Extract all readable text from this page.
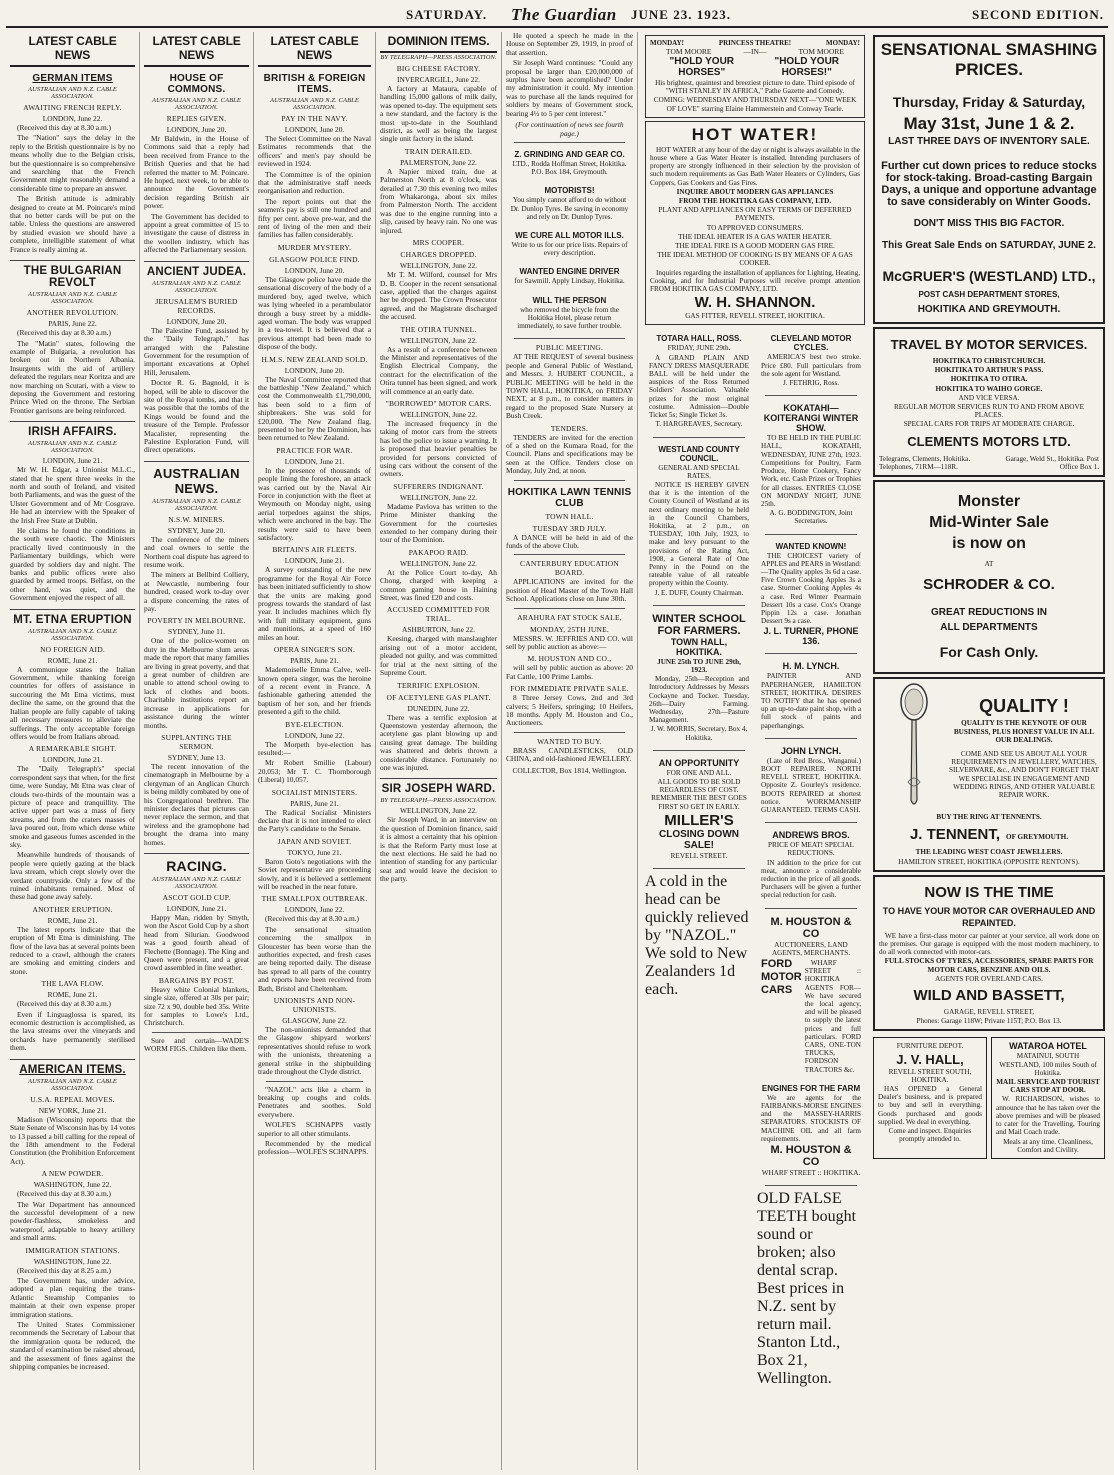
SATURDAY. The Guardian JUNE 23. 1923.	SECOND EDITION.
LATEST CABLE NEWS
GERMAN ITEMS
AUSTRALIAN AND N.Z. CABLE ASSOCIATION.
AWAITING FRENCH REPLY.
LONDON, June 22.

(Received this day at 8.30 a.m.)

The "Nation" says the delay in the reply to the British questionnaire is by no means wholly due to the Belgian crisis, but the questionnaire is so comprehensive and searching that the French Government might reasonably demand a considerable time to prepare an answer.

The British attitude is admirably designed to create at M. Poincare's mind that no better cards will be put on the table. Unless the questions are answered by studied evasion we should have a complete, intelligible statement of what France is really aiming at.

THE BULGARIAN REVOLT
AUSTRALIAN AND N.Z. CABLE ASSOCIATION.
ANOTHER REVOLUTION.
PARIS, June 22.

(Received this day at 8.30 a.m.)

The "Matin" states, following the example of Bulgaria, a revolution has broken out in Northern Albania. Insurgents with the aid of artillery defeated the regulars near Koritza and are now marching on Scutari, with a view to deposing the Government and restoring Prince Wied on the throne. The Serbian Frontier garrisons are being reinforced.

IRISH AFFAIRS.
AUSTRALIAN AND N.Z. CABLE ASSOCIATION.
LONDON, June 21.

Mr W. H. Edgar, a Unionist M.L.C., stated that he spent three weeks in the north and south of Ireland, and visited both Parliaments, and was the guest of the Ulster Government and of Mr Cosgrave. He had an interview with the Speaker of the Irish Free State at Dublin.

He claims he found the conditions in the south were chaotic. The Ministers practically lived continuously in the Parliamentary buildings, which were guarded by soldiers day and night. The banks and public offices were also guarded by armed troops. Belfast, on the other hand, was quiet, and the Government enjoyed the respect of all.

MT. ETNA ERUPTION
AUSTRALIAN AND N.Z. CABLE ASSOCIATION.
NO FOREIGN AID.
ROME, June 21.

A communique states the Italian Government, while thanking foreign countries for offers of assistance in succouring the Mt Etna victims, must decline the same, on the ground that the Italian people are fully capable of taking all necessary measures to alleviate the sufferings. The only acceptable foreign offers would be from Italians abroad.

A REMARKABLE SIGHT.
LONDON, June 21.

The "Daily Telegraph's" special correspondent says that when, for the first time, were Sunday, Mt Etna was clear of clouds two-thirds of the mountain was a picture of peace and tranquillity. The active upper part was a mass of fiery streams, and from the craters masses of lava poured out, from which dense white smoke and gaseous fumes ascended in the sky.

Meanwhile hundreds of thousands of people were quietly gazing at the black lava stream, which crept slowly over the verdant countryside. Only a few of the ruined inhabitants remained. Most of these had gone away safely.

ANOTHER ERUPTION.
ROME, June 21.

The latest reports indicate that the eruption of Mt Etna is diminishing. The flow of the lava has at several points been reduced to a crawl, although the craters are smoking and emitting cinders and stone.

THE LAVA FLOW.
ROME, June 21.

(Received this day at 8.30 a.m.)

Even if Linguaglossa is spared, its economic destruction is accomplished, as the lava streams over the vineyards and orchards have permanently sterilised them.

AMERICAN ITEMS.
AUSTRALIAN AND N.Z. CABLE ASSOCIATION.
U.S.A. REPEAL MOVES.
NEW YORK, June 21.

Madison (Wisconsin) reports that the State Senate of Wisconsin has by 14 votes to 13 passed a bill calling for the repeal of the 18th amendment to the Federal Constitution (the Prohibition Enforcement Act).

A NEW POWDER.
WASHINGTON, June 22.

(Received this day at 8.30 a.m.)

The War Department has announced the successful development of a new powder-flashless, smokeless and waterproof, adaptable to heavy artillery and small arms.

IMMIGRATION STATIONS.
WASHINGTON, June 22.

(Received this day at 8.25 a.m.)

The Government has, under advice, adopted a plan requiring the trans-Atlantic Steamship Companies to maintain at their own expense proper immigration stations.

The United States Commissioner recommends the Secretary of Labour that the immigration quota be reduced, the standard of examination be raised abroad, and the assessment of fines against the shipping companies be increased.

LATEST CABLE NEWS
HOUSE OF COMMONS.
AUSTRALIAN AND N.Z. CABLE ASSOCIATION.
REPLIES GIVEN.
LONDON, June 20.

Mr Baldwin, in the House of Commons said that a reply had been received from France to the British Queries and that he had referred the matter to M. Poincare. He hoped, next week, to be able to announce the Government's decision regarding British air power.

The Government has decided to appoint a great committee of 15 to investigate the cause of distress in the woollen industry, which has affected the Parliamentary session.

ANCIENT JUDEA.
AUSTRALIAN AND N.Z. CABLE ASSOCIATION.
JERUSALEM'S BURIED RECORDS.
LONDON, June 20.

The Palestine Fund, assisted by the "Daily Telegraph," has arranged with the Palestine Government for the resumption of important excavations at Ophel Hill, Jerusalem.

Doctor R. G. Bagnold, it is hoped, will be able to discover the site of the Royal tombs, and that it was possible that the tombs of the Kings would be found and the treasure of the Temple. Professor Macalister, representing the Palestine Exploration Fund, will direct operations.

AUSTRALIAN NEWS.
AUSTRALIAN AND N.Z. CABLE ASSOCIATION.
N.S.W. MINERS.
SYDNEY, June 20.

The conference of the miners and coal owners to settle the Northern coal dispute has agreed to resume work.

The miners at Bellbird Colliery, at Newcastle, numbering four hundred, ceased work to-day over a dispute concerning the rates of pay.

POVERTY IN MELBOURNE.
SYDNEY, June 11.

One of the police-women on duty in the Melbourne slum areas made the report that many families are living in great poverty, and that a great number of children are unable to attend school owing to lack of clothes and boots. Charitable institutions report an increase in applications for assistance during the winter months.

SUPPLANTING THE SERMON.
SYDNEY, June 13.

The recent innovation of the cinematograph in Melbourne by a clergyman of an Anglican Church is being mildly combated by one of his Congregational brethren. The minister declares that pictures can never replace the sermon, and that wireless and the gramophone had brought the drama into many homes.

RACING.
AUSTRALIAN AND N.Z. CABLE ASSOCIATION.
ASCOT GOLD CUP.
LONDON, June 21.

Happy Man, ridden by Smyth, won the Ascot Gold Cup by a short head from Silurian. Goodwood was a good fourth ahead of Flechette (Bonnage). The King and Queen were present, and a great crowd assembled in fine weather.

BARGAINS BY POST.

Heavy white Colonial blankets, single size, offered at 30s per pair; size 72 x 90, double bed 35s. Write for samples to Lowe's Ltd., Christchurch.

Sure and certain—WADE'S WORM FIGS. Children like them.

LATEST CABLE NEWS
BRITISH & FOREIGN ITEMS.
AUSTRALIAN AND N.Z. CABLE ASSOCIATION.
PAY IN THE NAVY.
LONDON, June 20.

The Select Committee on the Naval Estimates recommends that the officers' and men's pay should be reviewed in 1924.

The Committee is of the opinion that the administrative staff needs reorganisation and reduction.

The report points out that the seamen's pay is still one hundred and fifty per cent. above pre-war, and the rent of living of the men and their families has fallen considerably.

MURDER MYSTERY.
GLASGOW POLICE FIND.
LONDON, June 20.

The Glasgow police have made the sensational discovery of the body of a murdered boy, aged twelve, which was lying wheeled in a perambulator through a busy street by a middle-aged woman. The body was wrapped in a tea-towel. It is believed that a previous attempt had been made to dispose of the body.

H.M.S. NEW ZEALAND SOLD.
LONDON, June 20.

The Naval Committee reported that the battleship "New Zealand," which cost the Commonwealth £1,790,000, has been sold to a firm of shipbreakers. She was sold for £20,000. The New Zealand flag, presented to her by the Dominion, has been returned to New Zealand.

PRACTICE FOR WAR.
LONDON, June 21.

In the presence of thousands of people lining the foreshore, an attack was carried out by the Naval Air Force in conjunction with the fleet at Weymouth on Monday night, using aerial torpedoes against the ships, which were anchored in the bay. The results were said to have been satisfactory.

BRITAIN'S AIR FLEETS.
LONDON, June 21.

A survey outstanding of the new programme for the Royal Air Force has been initiated sufficiently to show that the units are making good progress towards the standard of last year. It includes machines which fly with full military equipment, guns and munitions, at a speed of 160 miles an hour.

OPERA SINGER'S SON.
PARIS, June 21.

Mademoiselle Emma Calve, well-known opera singer, was the heroine of a recent event in France. A fashionable gathering attended the baptism of her son, and her friends presented a gift to the child.

BYE-ELECTION.
LONDON, June 22.

The Morpeth bye-election has resulted:—

Mr Robert Smillie (Labour) 20,053; Mr T. C. Thornborough (Liberal) 10,057.

SOCIALIST MINISTERS.
PARIS, June 21.

The Radical Socialist Ministers declare that it is not intended to elect the Party's candidate to the Senate.

JAPAN AND SOVIET.
TOKYO, June 21.

Baron Goto's negotiations with the Soviet representative are proceeding slowly, and it is believed a settlement will be reached in the near future.

THE SMALLPOX OUTBREAK.
LONDON, June 22.

(Received this day at 8.30 a.m.)

The sensational situation concerning the smallpox in Gloucester has been worse than the authorities expected, and fresh cases are being reported daily. The disease has spread to all parts of the country and reports have been received from Bath, Bristol and Cheltenham.

UNIONISTS AND NON-UNIONISTS.
GLASGOW, June 22.

The non-unionists demanded that the Glasgow shipyard workers' representatives should refuse to work with the unionists, threatening a general strike in the shipbuilding trade throughout the Clyde district.

"NAZOL" acts like a charm in breaking up coughs and colds. Penetrates and soothes. Sold everywhere.

WOLFE'S SCHNAPPS vastly superior to all other stimulants.

Recommended by the medical profession—WOLFE'S SCHNAPPS.

DOMINION ITEMS.
BY TELEGRAPH—PRESS ASSOCIATION.
BIG CHEESE FACTORY.
INVERCARGILL, June 22.

A factory at Mataura, capable of handling 15,000 gallons of milk daily, was opened to-day. The equipment sets a new standard, and the factory is the most up-to-date in the Southland district, as well as being the largest single unit factory in the island.

TRAIN DERAILED.
PALMERSTON, June 22.

A Napier mixed train, due at Palmerston North at 8 o'clock, was derailed at 7.30 this evening two miles from Whakaronga, about six miles from Palmerston North. The accident was due to the engine running into a slip, caused by heavy rain. No one was injured.

MRS COOPER.
CHARGES DROPPED.
WELLINGTON, June 22.

Mr T. M. Wilford, counsel for Mrs D. B. Cooper in the recent sensational case, applied that the charges against her be dropped. The Crown Prosecutor agreed, and the Magistrate discharged the accused.

THE OTIRA TUNNEL.
WELLINGTON, June 22.

As a result of a conference between the Minister and representatives of the English Electrical Company, the contract for the electrification of the Otira tunnel has been signed, and work will commence at an early date.

"BORROWED" MOTOR CARS.
WELLINGTON, June 22.

The increased frequency in the taking of motor cars from the streets has led the police to issue a warning. It is proposed that heavier penalties be provided for persons convicted of using cars without the consent of the owners.

SUFFERERS INDIGNANT.
WELLINGTON, June 22.

Madame Pavlova has written to the Prime Minister thanking the Government for the courtesies extended to her company during their tour of the Dominion.

PAKAPOO RAID.
WELLINGTON, June 22.

At the Police Court to-day, Ah Chong, charged with keeping a common gaming house in Haining Street, was fined £20 and costs.

ACCUSED COMMITTED FOR TRIAL.
ASHBURTON, June 22.

Keesing, charged with manslaughter arising out of a motor accident, pleaded not guilty, and was committed for trial at the next sitting of the Supreme Court.

TERRIFIC EXPLOSION.
OF ACETYLENE GAS PLANT.
DUNEDIN, June 22.

There was a terrific explosion at Queenstown yesterday afternoon, the acetylene gas plant blowing up and causing great damage. The building was shattered and debris thrown a considerable distance. Fortunately no one was injured.

SIR JOSEPH WARD.
BY TELEGRAPH—PRESS ASSOCIATION.
WELLINGTON, June 22.

Sir Joseph Ward, in an interview on the question of Dominion finance, said it is almost a certainty that his opinion is that the Reform Party must lose at the next elections. He said he had no intention of standing for any particular seat and would leave the decision to the party.

He quoted a speech he made in the House on September 29, 1919, in proof of that assertion.

Sir Joseph Ward continues: "Could any proposal be larger than £20,000,000 of surplus have been accomplished? Under my administration it could. My intention was to purchase all the lands required for soldiers by means of Government stock, bearing 4½ to 5 per cent interest."

(For continuation of news see fourth page.)
Z. GRINDING AND GEAR CO.
LTD., Rodda Hoffman Street, Hokitika. P.O. Box 184, Greymouth.
MOTORISTS!
You simply cannot afford to do without Dr. Dunlop Tyres. Be saving in economy and rely on Dr. Dunlop Tyres.
WE CURE ALL MOTOR ILLS.
Write to us for our price lists. Repairs of every description.
WANTED ENGINE DRIVER
for Sawmill. Apply Lindsay, Hokitika.
WILL THE PERSON
who removed the bicycle from the Hokitika Hotel, please return immediately, to save further trouble.
PUBLIC MEETING.

AT THE REQUEST of several business people and General Public of Westland, and Messrs. J. HUBERT COUNCIL, a PUBLIC MEETING will be held in the TOWN HALL, HOKITIKA, on FRIDAY NEXT, at 8 p.m., to consider matters in regard to the proposed State Nursery at Bush Creek.

TENDERS.

TENDERS are invited for the erection of a shed on the Kumara Road, for the Council. Plans and specifications may be seen at the Office. Tenders close on Monday, July 2nd, at noon.

HOKITIKA LAWN TENNIS CLUB
TOWN HALL.
TUESDAY 3RD JULY.

A DANCE will be held in aid of the funds of the above Club.

CANTERBURY EDUCATION BOARD.

APPLICATIONS are invited for the position of Head Master of the Town Hall School. Applications close on June 30th.

ARAHURA FAT STOCK SALE,
MONDAY, 25TH JUNE.

MESSRS. W. JEFFRIES AND CO. will sell by public auction as above:—

M. HOUSTON AND CO.,

will sell by public auction as above: 20 Fat Cattle, 100 Prime Lambs.

FOR IMMEDIATE PRIVATE SALE.

8 Three Jersey Cows, 2nd and 3rd calvers; 5 Heifers, springing; 10 Heifers, 18 months. Apply M. Houston and Co., Auctioneers.

WANTED TO BUY.

BRASS CANDLESTICKS, OLD CHINA, and old-fashioned JEWELLERY.

COLLECTOR, Box 1814, Wellington.
MONDAY!	PRINCESS THEATRE!	MONDAY!
TOM MOORE	—IN—	TOM MOORE
"HOLD YOUR HORSES"
"HOLD YOUR HORSES!"
His brightest, quaintest and breeziest picture to date. Third episode of "WITH STANLEY IN AFRICA," Pathe Gazette and Comedy.
COMING: WEDNESDAY AND THURSDAY NEXT—"ONE WEEK OF LOVE" starring Elaine Hammerstein and Conway Tearle.
HOT WATER!
HOT WATER at any hour of the day or night is always available in the house where a Gas Water Heater is installed. Intending purchasers of property are strongly influenced in their selection by the provision of such modern requirements as Gas Bath Water Heaters or Cylinders, Gas Coppers, Gas Cookers and Gas Fires.
INQUIRE ABOUT MODERN GAS APPLIANCES
FROM THE HOKITIKA GAS COMPANY, LTD.
PLANT AND APPLIANCES ON EASY TERMS OF DEFERRED PAYMENTS.
TO APPROVED CONSUMERS.
THE IDEAL HEATER IS A GAS WATER HEATER.
THE IDEAL FIRE IS A GOOD MODERN GAS FIRE.
THE IDEAL METHOD OF COOKING IS BY MEANS OF A GAS COOKER.
Inquiries regarding the installation of appliances for Lighting, Heating, Cooking, and for Industrial Purposes will receive prompt attention FROM HOKITIKA GAS COMPANY, LTD.
W. H. SHANNON.
GAS FITTER, REVELL STREET, HOKITIKA.
TOTARA HALL, ROSS.
FRIDAY, JUNE 29th.
A GRAND PLAIN AND FANCY DRESS MASQUERADE BALL will be held under the auspices of the Ross Returned Soldiers' Association. Valuable prizes for the most original costume. Admission—Double Ticket 5s; Single Ticket 3s.
T. HARGREAVES, Secretary.
WESTLAND COUNTY COUNCIL.
GENERAL AND SPECIAL RATES.
NOTICE IS HEREBY GIVEN that it is the intention of the County Council of Westland at its next ordinary meeting to be held in the Council Chambers, Hokitika, at 2 p.m., on TUESDAY, 10th July, 1923, to make and levy pursuant to the provisions of the Rating Act, 1908, a General Rate of One Penny in the Pound on the rateable value of all rateable property within the County.
J. E. DUFF, County Chairman.
WINTER SCHOOL FOR FARMERS.
TOWN HALL, HOKITIKA.
JUNE 25th TO JUNE 29th, 1923.
Monday, 25th—Reception and Introductory Addresses by Messrs Cockayne and Tocker. Tuesday, 26th—Dairy Farming. Wednesday, 27th—Pasture Management.
J. W. MORRIS, Secretary, Box 4, Hokitika.
AN OPPORTUNITY
FOR ONE AND ALL.
ALL GOODS TO BE SOLD REGARDLESS OF COST. REMEMBER THE BEST GOES FIRST SO GET IN EARLY.
MILLER'S
CLOSING DOWN SALE!
REVELL STREET.
A cold in the head can be quickly relieved by "NAZOL." We sold to New Zealanders 1d each.
CLEVELAND MOTOR CYCLES.
AMERICA'S best two stroke. Price £80. Full particulars from the sole agent for Westland.
J. FETHRIG, Ross.
KOKATAHI—KOITERANGI WINTER SHOW.
TO BE HELD IN THE PUBLIC HALL, KOKATAHI, WEDNESDAY, JUNE 27th, 1923. Competitions for Poultry, Farm Produce, Home Cookery, Fancy Work, etc. Cash Prizes or Trophies for all classes. ENTRIES CLOSE ON MONDAY NIGHT, JUNE 25th.
A. G. BODDINGTON, Joint Secretaries.
WANTED KNOWN!
THE CHOICEST variety of APPLES and PEARS in Westland:—The Quality apples 3s 6d a case. Five Crown Cooking Apples 3s a case. Sturmer Cooking Apples 4s a case. Red Winter Pearmain Dessert 10s a case. Cox's Orange Pippin 12s a case. Jonathan Dessert 9s a case.
J. L. TURNER, PHONE 136.
H. M. LYNCH.
PAINTER AND PAPERHANGER, HAMILTON STREET, HOKITIKA. DESIRES TO NOTIFY that he has opened up an up-to-date paint shop, with a full stock of paints and paperhangings.
JOHN LYNCH.
(Late of Red Bros., Wanganui.) BOOT REPAIRER. NORTH REVELL STREET, HOKITIKA. Opposite Z. Gourley's residence. BOOTS REPAIRED at shortest notice. WORKMANSHIP GUARANTEED. TERMS CASH.
ANDREWS BROS.
PRICE OF MEAT! SPECIAL REDUCTIONS.
IN addition to the price for cut meat, announce a considerable reduction in the price of all goods. Purchasers will be given a further special reduction for cash.
M. HOUSTON & CO
AUCTIONEERS, LAND AGENTS, MERCHANTS.
FORD
MOTOR
CARS
WHARF STREET :: HOKITIKA AGENTS FOR—We have secured the local agency, and will be pleased to supply the latest prices and full particulars. FORD CARS, ONE-TON TRUCKS, FORDSON TRACTORS &c.
ENGINES FOR THE FARM
We are agents for the FAIRBANKS-MORSE ENGINES and the MASSEY-HARRIS SEPARATORS. STOCKISTS OF MACHINE OIL and all farm requirements.
M. HOUSTON & CO
WHARF STREET :: HOKITIKA.
OLD FALSE TEETH bought sound or broken; also dental scrap. Best prices in N.Z. sent by return mail. Stanton Ltd., Box 21, Wellington.
SENSATIONAL SMASHING
PRICES.
Thursday, Friday & Saturday,
May 31st, June 1 & 2.
LAST THREE DAYS OF INVENTORY SALE.
Further cut down prices to reduce stocks for stock-taking. Broad-casting Bargain Days, a unique and opportune advantage to save considerably on Winter Goods.
DON'T MISS THIS BIG FACTOR.
This Great Sale Ends on SATURDAY, JUNE 2.
McGRUER'S (WESTLAND) LTD.,
POST CASH DEPARTMENT STORES,
HOKITIKA AND GREYMOUTH.
TRAVEL BY MOTOR SERVICES.
HOKITIKA TO CHRISTCHURCH.
HOKITIKA TO ARTHUR'S PASS.
HOKITIKA TO OTIRA.
HOKITIKA TO WAIHO GORGE.
AND VICE VERSA.
REGULAR MOTOR SERVICES RUN TO AND FROM ABOVE PLACES.
SPECIAL CARS FOR TRIPS AT MODERATE CHARGE.
CLEMENTS MOTORS LTD.
Telegrams, Clements, Hokitika. Telephones, 71RM—118R.
Garage, Weld St., Hokitika. Post Office Box 1.
Monster
Mid-Winter Sale
is now on
AT
SCHRODER & CO.
GREAT REDUCTIONS IN
ALL DEPARTMENTS
For Cash Only.
QUALITY !
QUALITY IS THE KEYNOTE OF OUR BUSINESS, PLUS HONEST VALUE IN ALL OUR DEALINGS.
COME AND SEE US ABOUT ALL YOUR REQUIREMENTS IN JEWELLERY, WATCHES, SILVERWARE, &c., AND DON'T FORGET THAT WE SPECIALISE IN ENGAGEMENT AND WEDDING RINGS, AND OTHER VALUABLE REPAIR WORK.
BUY THE RING AT TENNENTS.
J. TENNENT, OF GREYMOUTH.
THE LEADING WEST COAST JEWELLERS.
HAMILTON STREET, HOKITIKA (OPPOSITE RENTON'S).
NOW IS THE TIME
TO HAVE YOUR MOTOR CAR OVERHAULED AND REPAINTED.
WE have a first-class motor car painter at your service, all work done on the premises. Our garage is equipped with the most modern machinery, to do all work connected with motor-cars.
FULL STOCKS OF TYRES, ACCESSORIES, SPARE PARTS FOR MOTOR CARS, BENZINE AND OILS.
AGENTS FOR OVERLAND CARS.
WILD AND BASSETT,
GARAGE, REVELL STREET,
Phones: Garage 118W; Private 115T; P.O. Box 13.
FURNITURE DEPOT.
J. V. HALL,
REVELL STREET SOUTH, HOKITIKA.
HAS OPENED a General Dealer's business, and is prepared to buy and sell in everything. Goods purchased and goods supplied. We deal in everything.
Come and inspect. Enquiries promptly attended to.
WATAROA HOTEL
MATAINUI, SOUTH WESTLAND, 100 miles South of Hokitika.
MAIL SERVICE AND TOURIST CARS STOP AT DOOR.
W. RICHARDSON, wishes to announce that he has taken over the above premises and will be pleased to cater for the Travelling, Touring and Mail Coach trade.
Meals at any time. Cleanliness, Comfort and Civility.
